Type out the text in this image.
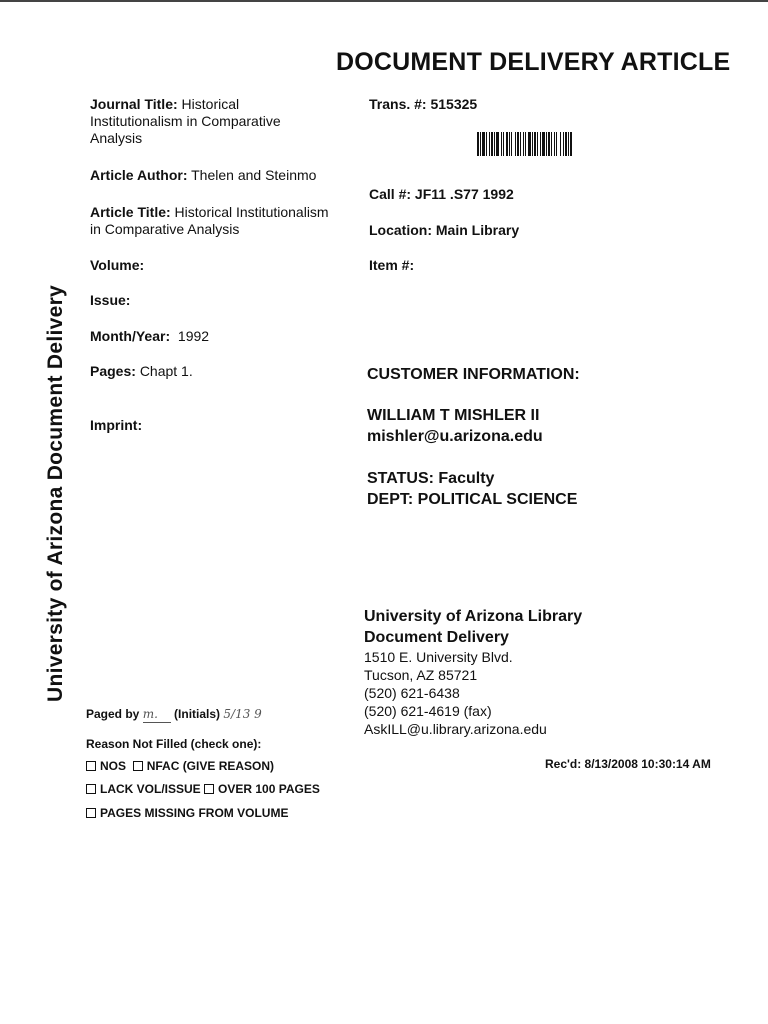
DOCUMENT DELIVERY ARTICLE
University of Arizona Document Delivery
Journal Title: Historical
Institutionalism in Comparative
Analysis
Article Author: Thelen and Steinmo
Article Title: Historical Institutionalism
in Comparative Analysis
Volume:
Issue:
Month/Year: 1992
Pages: Chapt 1.
Imprint:
Trans. #: 515325
Call #: JF11 .S77 1992
Location: Main Library
Item #:
CUSTOMER INFORMATION:
WILLIAM T MISHLER II
mishler@u.arizona.edu
STATUS: Faculty
DEPT: POLITICAL SCIENCE
University of Arizona Library
Document Delivery
1510 E. University Blvd.
Tucson, AZ 85721
(520) 621-6438
(520) 621-4619 (fax)
AskILL@u.library.arizona.edu
Rec'd: 8/13/2008 10:30:14 AM
Paged by m. (Initials) 5/13 9
Reason Not Filled (check one):
NOS NFAC (GIVE REASON)
LACK VOL/ISSUE OVER 100 PAGES
PAGES MISSING FROM VOLUME
